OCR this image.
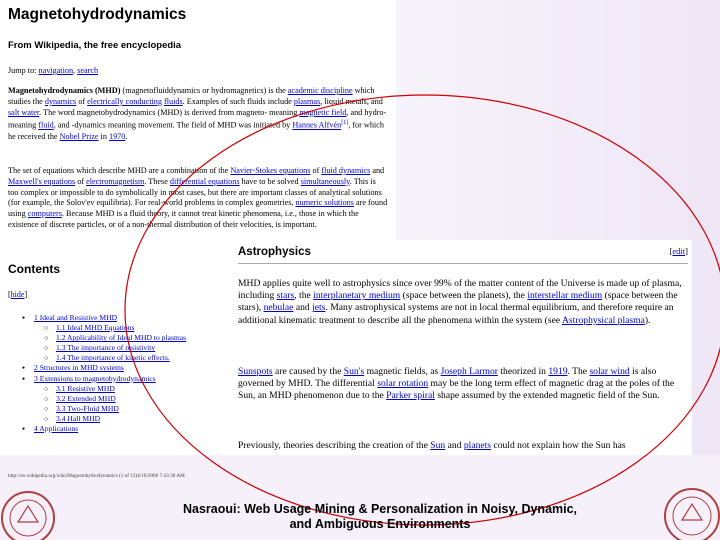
Magnetohydrodynamics
From Wikipedia, the free encyclopedia
Jump to: navigation, search

Magnetohydrodynamics (MHD) (magnetofluiddynamics or hydromagnetics) is the academic discipline which studies the dynamics of electrically conducting fluids. Examples of such fluids include plasmas, liquid metals, and salt water. The word magnetohydrodynamics (MHD) is derived from magneto- meaning magnetic field, and hydro- meaning fluid, and -dynamics meaning movement. The field of MHD was initiated by Hannes Alfvén[1], for which he received the Nobel Prize in 1970.

The set of equations which describe MHD are a combination of the Navier-Stokes equations of fluid dynamics and Maxwell's equations of electromagnetism. These differential equations have to be solved simultaneously. This is too complex or impossible to do symbolically in most cases, but there are important classes of analytical solutions (for example, the Solov'ev equilibria). For real-world problems in complex geometries, numeric solutions are found using computers. Because MHD is a fluid theory, it cannot treat kinetic phenomena, i.e., those in which the existence of discrete particles, or of a non-thermal distribution of their velocities, is important.

Contents
[hide]
● 1 Ideal and Resistive MHD
○ 1.1 Ideal MHD Equations
○ 1.2 Applicability of Ideal MHD to plasmas
○ 1.3 The importance of resistivity
○ 1.4 The importance of kinetic effects.
● 2 Structures in MHD systems
● 3 Extensions to magnetohydrodynamics
○ 3.1 Resistive MHD
○ 3.2 Extended MHD
○ 3.3 Two-Fluid MHD
○ 3.4 Hall MHD
● 4 Applications
http://en.wikipedia.org/wiki/Magnetohydrodynamics (1 of 12)4/16/2006 7:43:38 AM
Astrophysics	[edit]

MHD applies quite well to astrophysics since over 99% of the matter content of the Universe is made up of plasma, including stars, the interplanetary medium (space between the planets), the interstellar medium (space between the stars), nebulae and jets. Many astrophysical systems are not in local thermal equilibrium, and therefore require an additional kinematic treatment to describe all the phenomena within the system (see Astrophysical plasma).

Sunspots are caused by the Sun's magnetic fields, as Joseph Larmor theorized in 1919. The solar wind is also governed by MHD. The differential solar rotation may be the long term effect of magnetic drag at the poles of the Sun, an MHD phenomenon due to the Parker spiral shape assumed by the extended magnetic field of the Sun.

Previously, theories describing the creation of the Sun and planets could not explain how the Sun has

Nasraoui: Web Usage Mining & Personalization in Noisy, Dynamic,
and Ambiguous Environments
